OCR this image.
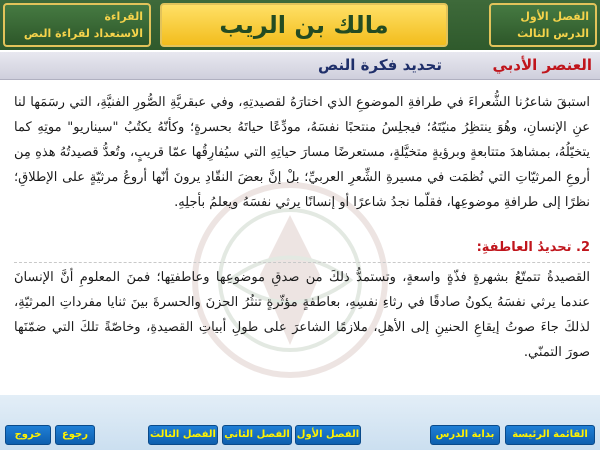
الفصل الأول
الدرس الثالث
مالك بن الريب
القراءة
الاستعداد لقراءة النص
العنصر الأدبي
تحديد فكرة النص

استبقَ شاعرُنا الشُّعراءَ في طرافةِ الموضوعِ الذي اختارَهُ لقصيدتِهِ، وفي عبقريَّةِ الصُّورِ الفنيَّةِ، التي رسَمَها لنا عنِ الإنسانِ، وهُوَ ينتظِرُ منيّتَهُ؛ فيجلِسُ منتحبًا نفسَهُ، مودِّعًا حياتَهُ بحسرةٍ؛ وكأنّهُ يكتُبُ "سيناريو" موتِهِ كما يتخيّلُهُ، بمشاهدَ متتابعةٍ وبرؤيةٍ متخيَّلةٍ، مستعرضًا مسارَ حياتِهِ التي سيُفارِقُها عمّا قريبٍ، وتُعدُّ قصيدتُهُ هذهِ مِن أروعِ المرثيّاتِ التي نُظمَت في مسيرةِ الشِّعرِ العربيِّ؛ بلْ إنَّ بعضَ النقّادِ يرونَ أنّها أروعُ مرثيّةٍ على الإطلاقِ؛ نظرًا إلى طرافةِ موضوعِها، فقلّما نجدُ شاعرًا أو إنسانًا يرثي نفسَهُ ويعلمُ بأجلِهِ.

2. تحديدُ العاطفةِ:

القصيدةُ تتمتّعُ بشهرةٍ فذّةٍ واسعةٍ، وتستمدُّ ذلكَ من صدقِ موضوعِها وعاطفتِها؛ فمنَ المعلومِ أنَّ الإنسانَ عندما يرثي نفسَهُ يكونُ صادقًا في رثاءِ نفسِهِ، بعاطفةٍ مؤثّرةٍ تنثُرُ الحزنَ والحسرةَ بينَ ثنايا مفرداتِ المرثيّةِ، لذلكَ جاءَ صوتُ إيقاعِ الحنينِ إلى الأهلِ، ملازمًا الشاعرَ على طولِ أبياتِ القصيدةِ، وخاصّةً تلكَ التي ضمّنَها صورَ التمنّي.

القائمة الرئيسة
بداية الدرس
الفصل الأول
الفصل الثاني
الفصل الثالث
رجوع
خروج
